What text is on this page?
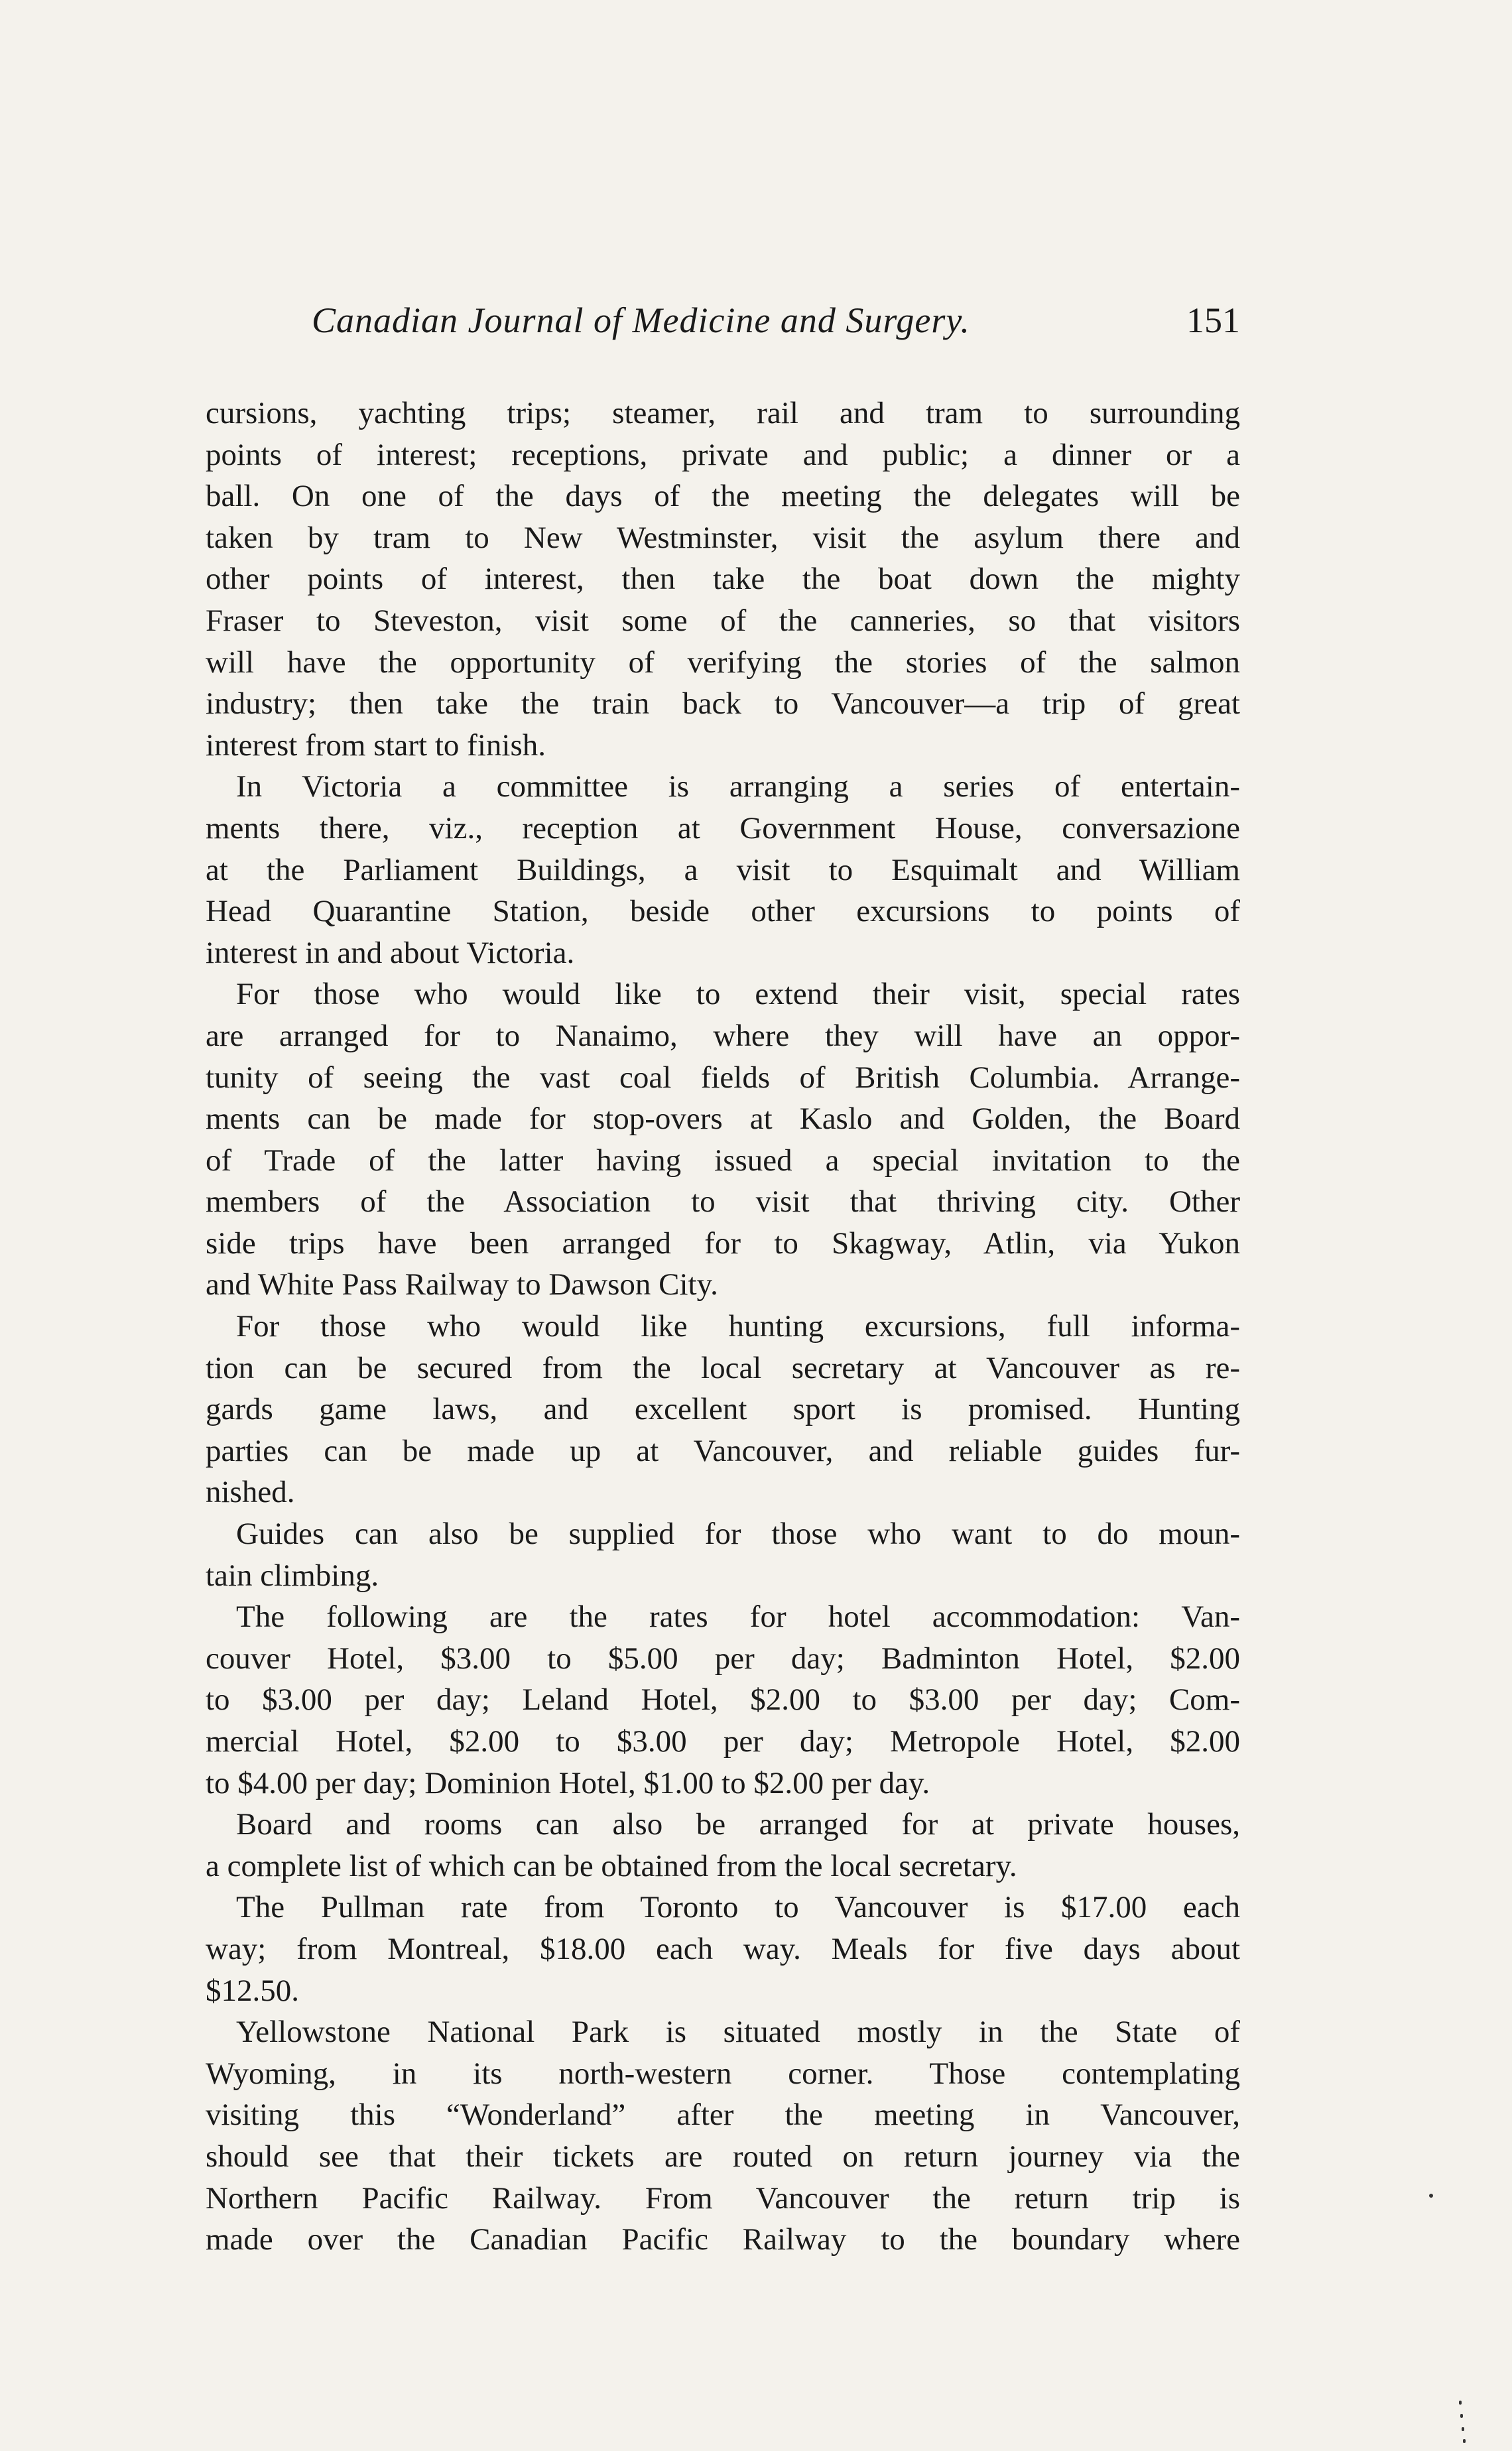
Canadian Journal of Medicine and Surgery.	151
cursions, yachting trips; steamer, rail and tram to surrounding
points of interest; receptions, private and public; a dinner or a
ball. On one of the days of the meeting the delegates will be
taken by tram to New Westminster, visit the asylum there and
other points of interest, then take the boat down the mighty
Fraser to Steveston, visit some of the canneries, so that visitors
will have the opportunity of verifying the stories of the salmon
industry; then take the train back to Vancouver—a trip of great
interest from start to finish.
In Victoria a committee is arranging a series of entertain-
ments there, viz., reception at Government House, conversazione
at the Parliament Buildings, a visit to Esquimalt and William
Head Quarantine Station, beside other excursions to points of
interest in and about Victoria.
For those who would like to extend their visit, special rates
are arranged for to Nanaimo, where they will have an oppor-
tunity of seeing the vast coal fields of British Columbia. Arrange-
ments can be made for stop-overs at Kaslo and Golden, the Board
of Trade of the latter having issued a special invitation to the
members of the Association to visit that thriving city. Other
side trips have been arranged for to Skagway, Atlin, via Yukon
and White Pass Railway to Dawson City.
For those who would like hunting excursions, full informa-
tion can be secured from the local secretary at Vancouver as re-
gards game laws, and excellent sport is promised. Hunting
parties can be made up at Vancouver, and reliable guides fur-
nished.
Guides can also be supplied for those who want to do moun-
tain climbing.
The following are the rates for hotel accommodation: Van-
couver Hotel, $3.00 to $5.00 per day; Badminton Hotel, $2.00
to $3.00 per day; Leland Hotel, $2.00 to $3.00 per day; Com-
mercial Hotel, $2.00 to $3.00 per day; Metropole Hotel, $2.00
to $4.00 per day; Dominion Hotel, $1.00 to $2.00 per day.
Board and rooms can also be arranged for at private houses,
a complete list of which can be obtained from the local secretary.
The Pullman rate from Toronto to Vancouver is $17.00 each
way; from Montreal, $18.00 each way. Meals for five days about
$12.50.
Yellowstone National Park is situated mostly in the State of
Wyoming, in its north-western corner. Those contemplating
visiting this “Wonderland” after the meeting in Vancouver,
should see that their tickets are routed on return journey via the
Northern Pacific Railway. From Vancouver the return trip is
made over the Canadian Pacific Railway to the boundary where
